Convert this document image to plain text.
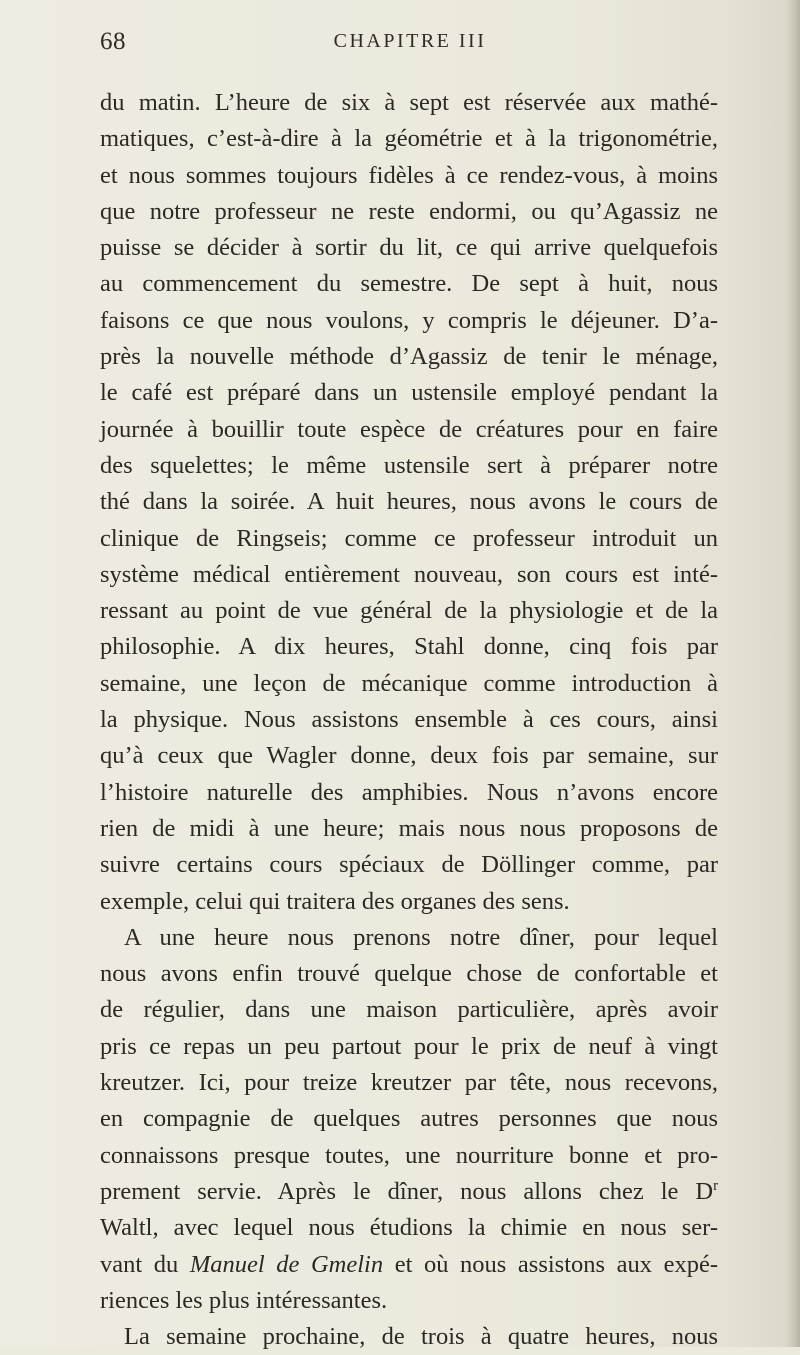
68	CHAPITRE III
du matin. L’heure de six à sept est réservée aux mathé-
matiques, c’est-à-dire à la géométrie et à la trigonométrie,
et nous sommes toujours fidèles à ce rendez-vous, à moins
que notre professeur ne reste endormi, ou qu’Agassiz ne
puisse se décider à sortir du lit, ce qui arrive quelquefois
au commencement du semestre. De sept à huit, nous
faisons ce que nous voulons, y compris le déjeuner. D’a-
près la nouvelle méthode d’Agassiz de tenir le ménage,
le café est préparé dans un ustensile employé pendant la
journée à bouillir toute espèce de créatures pour en faire
des squelettes; le même ustensile sert à préparer notre
thé dans la soirée. A huit heures, nous avons le cours de
clinique de Ringseis; comme ce professeur introduit un
système médical entièrement nouveau, son cours est inté-
ressant au point de vue général de la physiologie et de la
philosophie. A dix heures, Stahl donne, cinq fois par
semaine, une leçon de mécanique comme introduction à
la physique. Nous assistons ensemble à ces cours, ainsi
qu’à ceux que Wagler donne, deux fois par semaine, sur
l’histoire naturelle des amphibies. Nous n’avons encore
rien de midi à une heure; mais nous nous proposons de
suivre certains cours spéciaux de Döllinger comme, par
exemple, celui qui traitera des organes des sens.
A une heure nous prenons notre dîner, pour lequel
nous avons enfin trouvé quelque chose de confortable et
de régulier, dans une maison particulière, après avoir
pris ce repas un peu partout pour le prix de neuf à vingt
kreutzer. Ici, pour treize kreutzer par tête, nous recevons,
en compagnie de quelques autres personnes que nous
connaissons presque toutes, une nourriture bonne et pro-
prement servie. Après le dîner, nous allons chez le $D^r$
Waltl, avec lequel nous étudions la chimie en nous ser-
vant du Manuel de Gmelin et où nous assistons aux expé-
riences les plus intéressantes.
La semaine prochaine, de trois à quatre heures, nous
